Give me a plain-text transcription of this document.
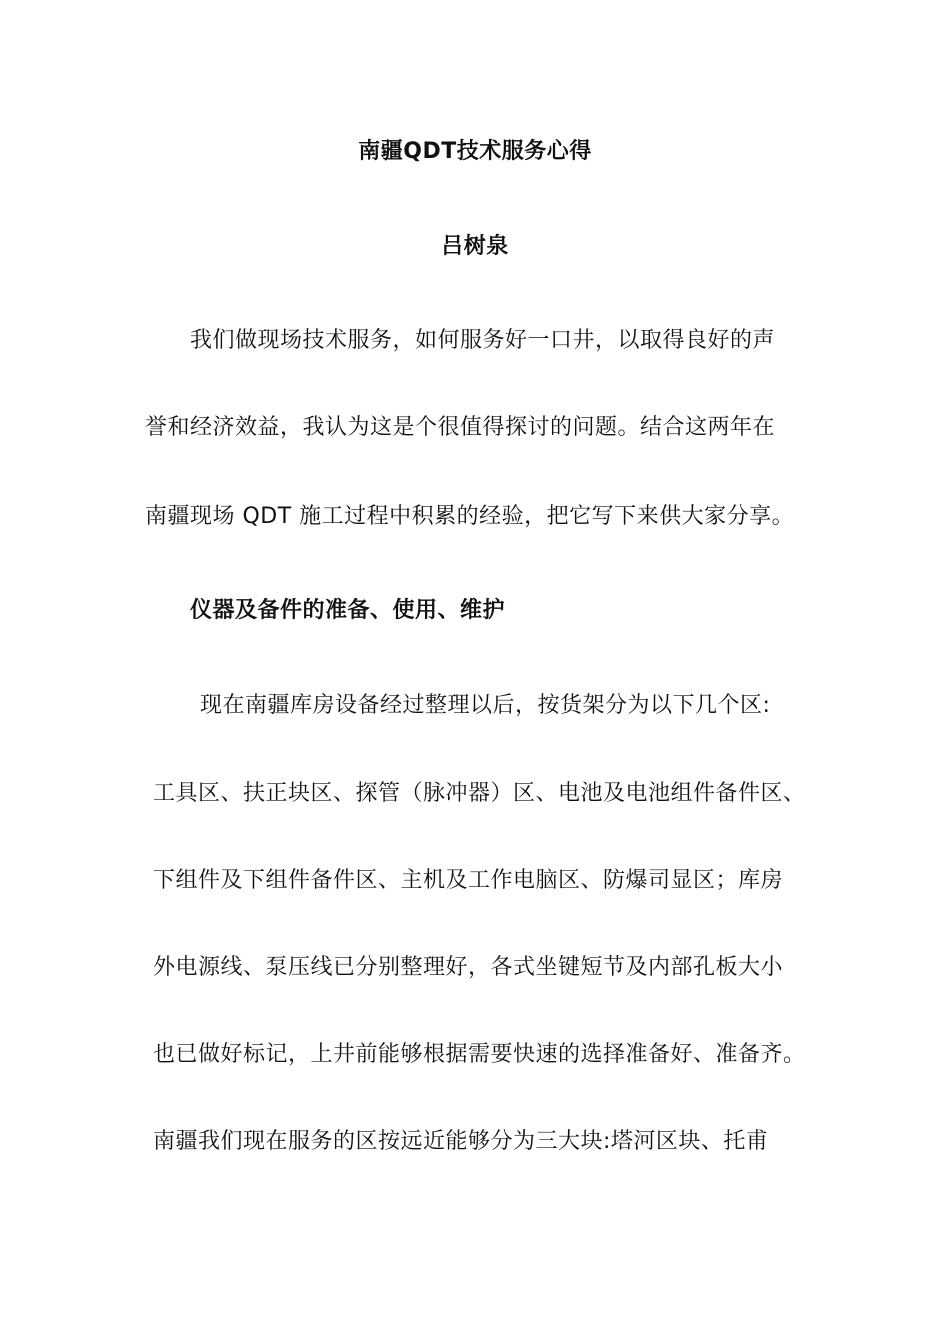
南疆QDT技术服务心得
吕树泉
我们做现场技术服务，如何服务好一口井，以取得良好的声
誉和经济效益，我认为这是个很值得探讨的问题。结合这两年在
南疆现场 QDT 施工过程中积累的经验，把它写下来供大家分享。
仪器及备件的准备、使用、维护
现在南疆库房设备经过整理以后，按货架分为以下几个区:
工具区、扶正块区、探管（脉冲器）区、电池及电池组件备件区、
下组件及下组件备件区、主机及工作电脑区、防爆司显区；库房
外电源线、泵压线已分别整理好，各式坐键短节及内部孔板大小
也已做好标记，上井前能够根据需要快速的选择准备好、准备齐。
南疆我们现在服务的区按远近能够分为三大块:塔河区块、托甫
